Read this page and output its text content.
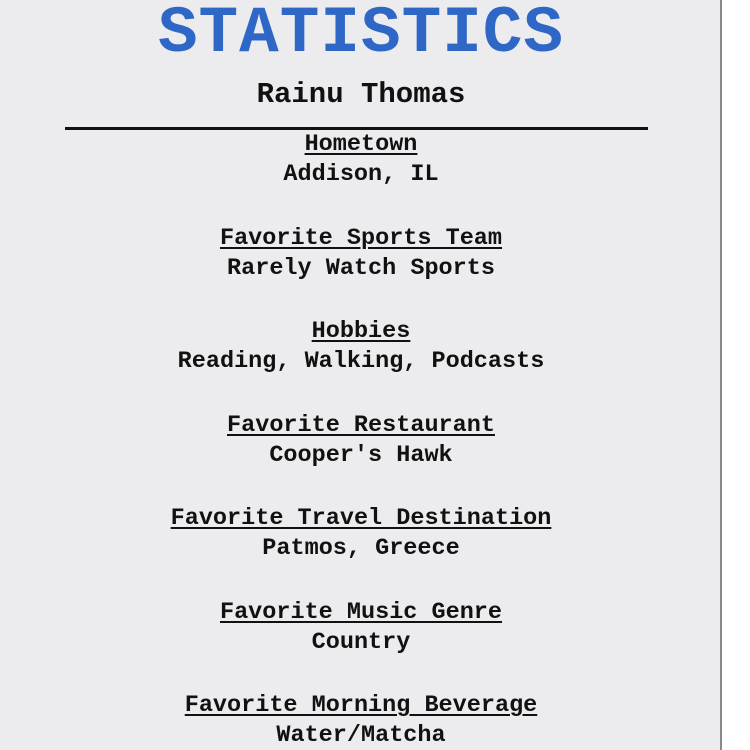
STATISTICS
Rainu Thomas
Hometown
Addison, IL
Favorite Sports Team
Rarely Watch Sports
Hobbies
Reading, Walking, Podcasts
Favorite Restaurant
Cooper's Hawk
Favorite Travel Destination
Patmos, Greece
Favorite Music Genre
Country
Favorite Morning Beverage
Water/Matcha
